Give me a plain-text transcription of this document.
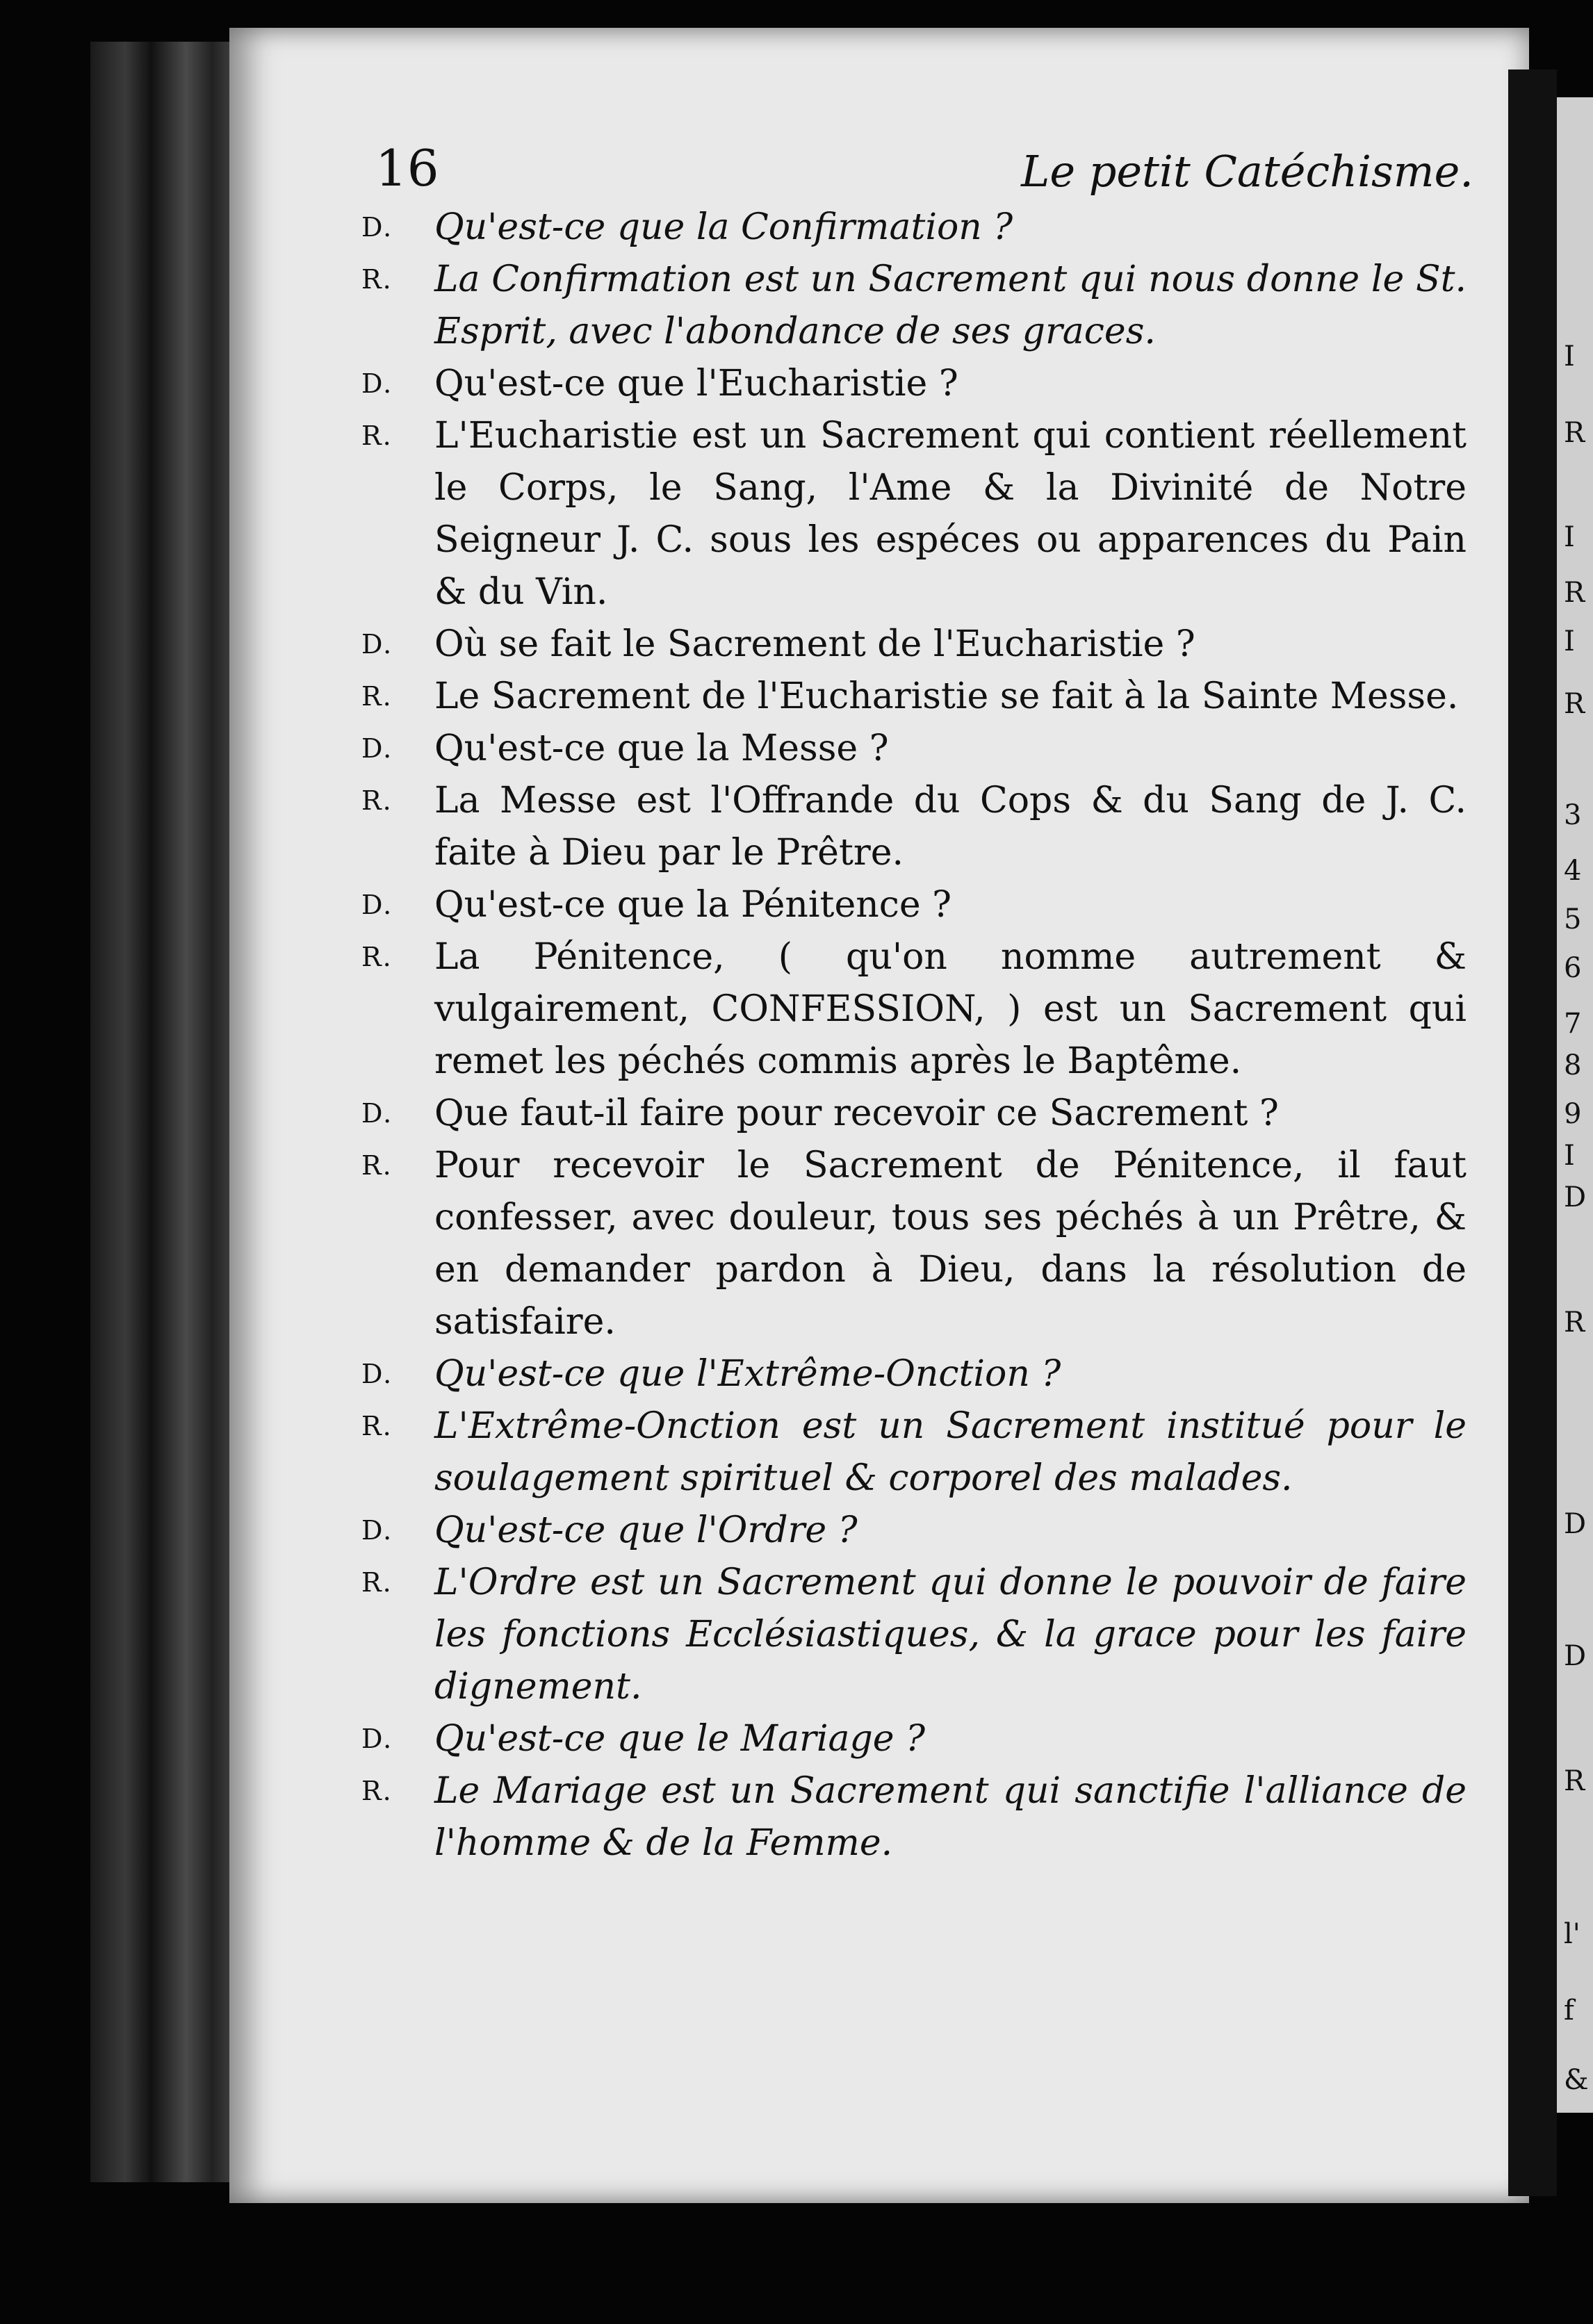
I
R
I
R
I
R
3
4
5
6
7
8
9
I
D
R
D
D
R
l'
f
&
16	Le petit Catéchisme.
D.	Qu'est-ce que la Confirmation ?
R.	La Confirmation est un Sacrement qui nous donne le St. Esprit, avec l'abondance de ses graces.
D.	Qu'est-ce que l'Eucharistie ?
R.	L'Eucharistie est un Sacrement qui contient réellement le Corps, le Sang, l'Ame & la Divinité de Notre Seigneur J. C. sous les espéces ou apparences du Pain & du Vin.
D.	Où se fait le Sacrement de l'Eucharistie ?
R.	Le Sacrement de l'Eucharistie se fait à la Sainte Messe.
D.	Qu'est-ce que la Messe ?
R.	La Messe est l'Offrande du Cops & du Sang de J. C. faite à Dieu par le Prêtre.
D.	Qu'est-ce que la Pénitence ?
R.	La Pénitence, ( qu'on nomme autrement & vulgairement, CONFESSION, ) est un Sacrement qui remet les péchés commis après le Baptême.
D.	Que faut-il faire pour recevoir ce Sacrement ?
R.	Pour recevoir le Sacrement de Pénitence, il faut confesser, avec douleur, tous ses péchés à un Prêtre, & en demander pardon à Dieu, dans la résolution de satisfaire.
D.	Qu'est-ce que l'Extrême-Onction ?
R.	L'Extrême-Onction est un Sacrement institué pour le soulagement spirituel & corporel des malades.
D.	Qu'est-ce que l'Ordre ?
R.	L'Ordre est un Sacrement qui donne le pouvoir de faire les fonctions Ecclésiastiques, & la grace pour les faire dignement.
D.	Qu'est-ce que le Mariage ?
R.	Le Mariage est un Sacrement qui sanctifie l'alliance de l'homme & de la Femme.
